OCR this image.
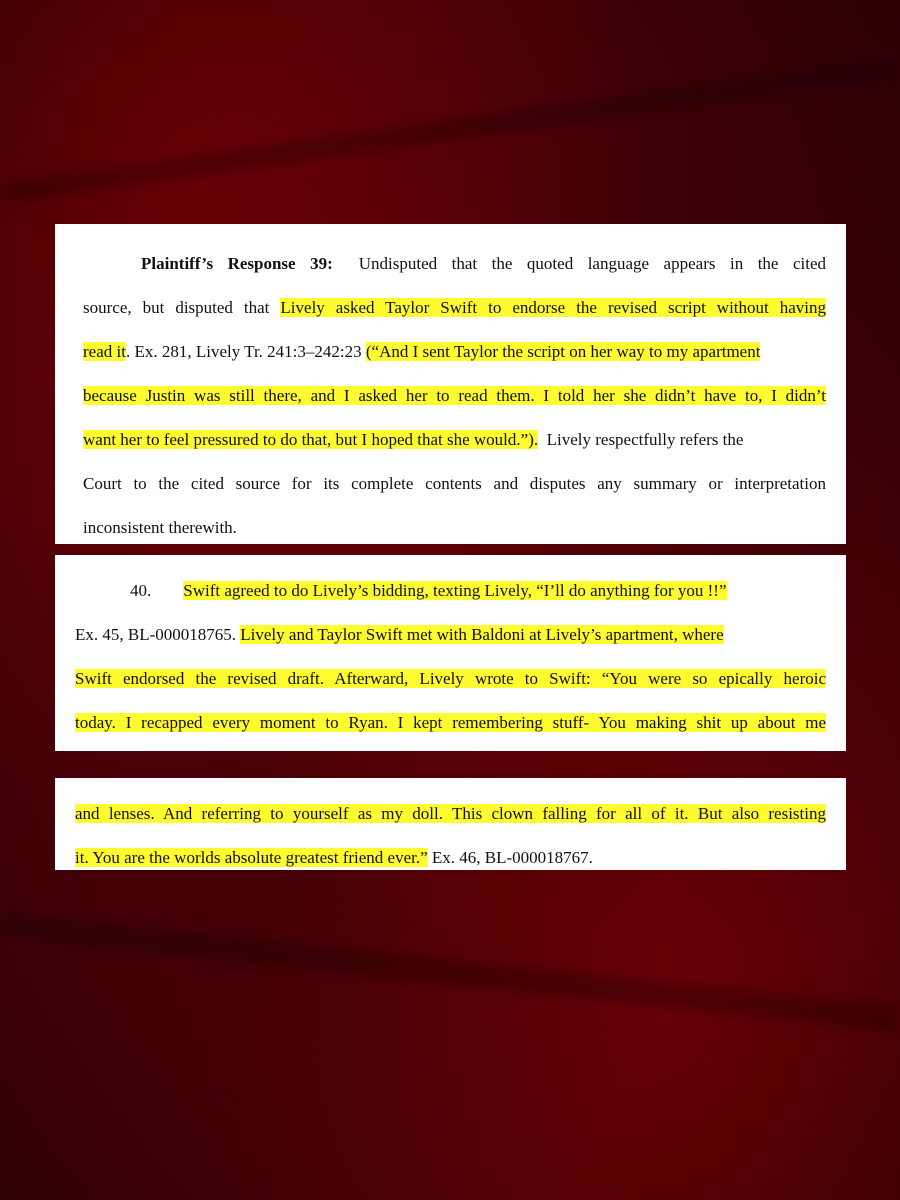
Plaintiff’s Response 39: Undisputed that the quoted language appears in the cited
source, but disputed that Lively asked Taylor Swift to endorse the revised script without having
read it. Ex. 281, Lively Tr. 241:3–242:23 (“And I sent Taylor the script on her way to my apartment
because Justin was still there, and I asked her to read them. I told her she didn’t have to, I didn’t
want her to feel pressured to do that, but I hoped that she would.”). Lively respectfully refers the
Court to the cited source for its complete contents and disputes any summary or interpretation
inconsistent therewith.

40. Swift agreed to do Lively’s bidding, texting Lively, “I’ll do anything for you !!”
Ex. 45, BL-000018765. Lively and Taylor Swift met with Baldoni at Lively’s apartment, where
Swift endorsed the revised draft. Afterward, Lively wrote to Swift: “You were so epically heroic
today. I recapped every moment to Ryan. I kept remembering stuff- You making shit up about me

and lenses. And referring to yourself as my doll. This clown falling for all of it. But also resisting
it. You are the worlds absolute greatest friend ever.” Ex. 46, BL-000018767.
